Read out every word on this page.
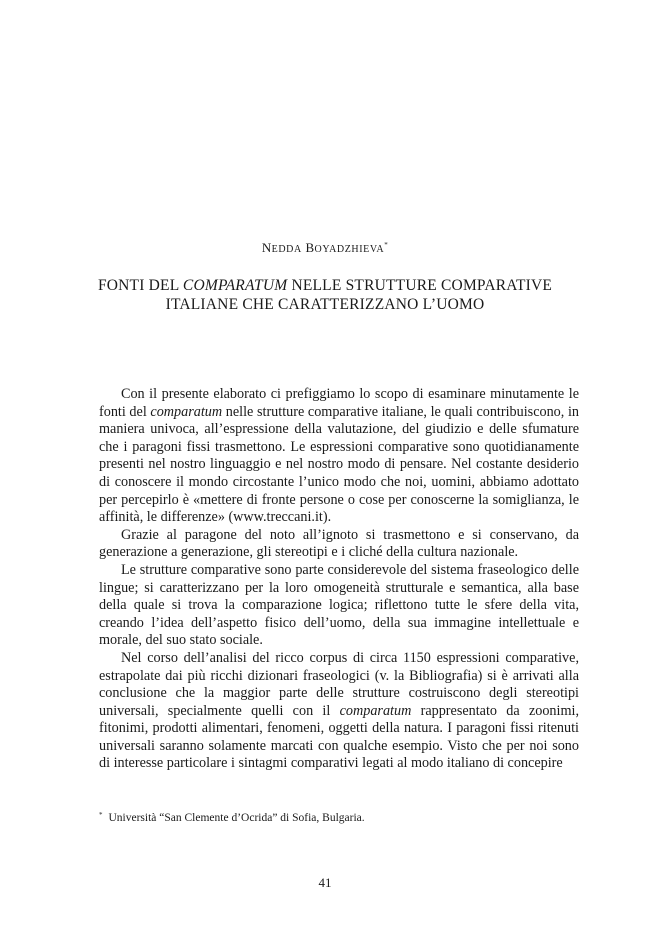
NEDDA BOYADZHIEVA*
FONTI DEL COMPARATUM NELLE STRUTTURE COMPARATIVE
ITALIANE CHE CARATTERIZZANO L’UOMO

Con il presente elaborato ci prefiggiamo lo scopo di esaminare minutamente le fonti del comparatum nelle strutture comparative italiane, le quali contribuiscono, in maniera univoca, all’espressione della valutazione, del giudizio e delle sfumature che i paragoni fissi trasmettono. Le espressioni comparative sono quotidianamente presenti nel nostro linguaggio e nel nostro modo di pensare. Nel costante desiderio di conoscere il mondo circostante l’unico modo che noi, uomini, abbiamo adottato per percepirlo è «mettere di fronte persone o cose per conoscerne la somiglianza, le affinità, le differenze» (www.treccani.it).

Grazie al paragone del noto all’ignoto si trasmettono e si conservano, da generazione a generazione, gli stereotipi e i cliché della cultura nazionale.

Le strutture comparative sono parte considerevole del sistema fraseologico delle lingue; si caratterizzano per la loro omogeneità strutturale e semantica, alla base della quale si trova la comparazione logica; riflettono tutte le sfere della vita, creando l’idea dell’aspetto fisico dell’uomo, della sua immagine intellettuale e morale, del suo stato sociale.

Nel corso dell’analisi del ricco corpus di circa 1150 espressioni comparative, estrapolate dai più ricchi dizionari fraseologici (v. la Bibliografia) si è arrivati alla conclusione che la maggior parte delle strutture costruiscono degli stereotipi universali, specialmente quelli con il comparatum rappresentato da zoonimi, fitonimi, prodotti alimentari, fenomeni, oggetti della natura. I paragoni fissi ritenuti universali saranno solamente marcati con qualche esempio. Visto che per noi sono di interesse particolare i sintagmi comparativi legati al modo italiano di concepire

* Università “San Clemente d’Ocrida” di Sofia, Bulgaria.
41
